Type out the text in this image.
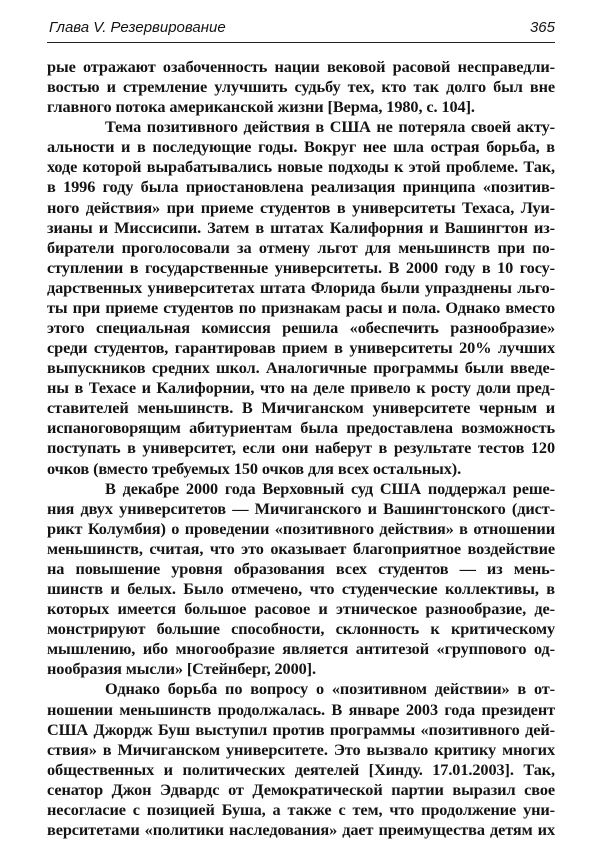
Глава V. Резервирование	365
рые отражают озабоченность нации вековой расовой несправедли-
востью и стремление улучшить судьбу тех, кто так долго был вне
главного потока американской жизни [Верма, 1980, с. 104].
Тема позитивного действия в США не потеряла своей акту-
альности и в последующие годы. Вокруг нее шла острая борьба, в
ходе которой вырабатывались новые подходы к этой проблеме. Так,
в 1996 году была приостановлена реализация принципа «позитив-
ного действия» при приеме студентов в университеты Техаса, Луи-
зианы и Миссисипи. Затем в штатах Калифорния и Вашингтон из-
биратели проголосовали за отмену льгот для меньшинств при по-
ступлении в государственные университеты. В 2000 году в 10 госу-
дарственных университетах штата Флорида были упразднены льго-
ты при приеме студентов по признакам расы и пола. Однако вместо
этого специальная комиссия решила «обеспечить разнообразие»
среди студентов, гарантировав прием в университеты 20% лучших
выпускников средних школ. Аналогичные программы были введе-
ны в Техасе и Калифорнии, что на деле привело к росту доли пред-
ставителей меньшинств. В Мичиганском университете черным и
испаноговорящим абитуриентам была предоставлена возможность
поступать в университет, если они наберут в результате тестов 120
очков (вместо требуемых 150 очков для всех остальных).
В декабре 2000 года Верховный суд США поддержал реше-
ния двух университетов — Мичиганского и Вашингтонского (дист-
рикт Колумбия) о проведении «позитивного действия» в отношении
меньшинств, считая, что это оказывает благоприятное воздействие
на повышение уровня образования всех студентов — из мень-
шинств и белых. Было отмечено, что студенческие коллективы, в
которых имеется большое расовое и этническое разнообразие, де-
монстрируют большие способности, склонность к критическому
мышлению, ибо многообразие является антитезой «группового од-
нообразия мысли» [Стейнберг, 2000].
Однако борьба по вопросу о «позитивном действии» в от-
ношении меньшинств продолжалась. В январе 2003 года президент
США Джордж Буш выступил против программы «позитивного дей-
ствия» в Мичиганском университете. Это вызвало критику многих
общественных и политических деятелей [Хинду. 17.01.2003]. Так,
сенатор Джон Эдвардс от Демократической партии выразил свое
несогласие с позицией Буша, а также с тем, что продолжение уни-
верситетами «политики наследования» дает преимущества детям их
